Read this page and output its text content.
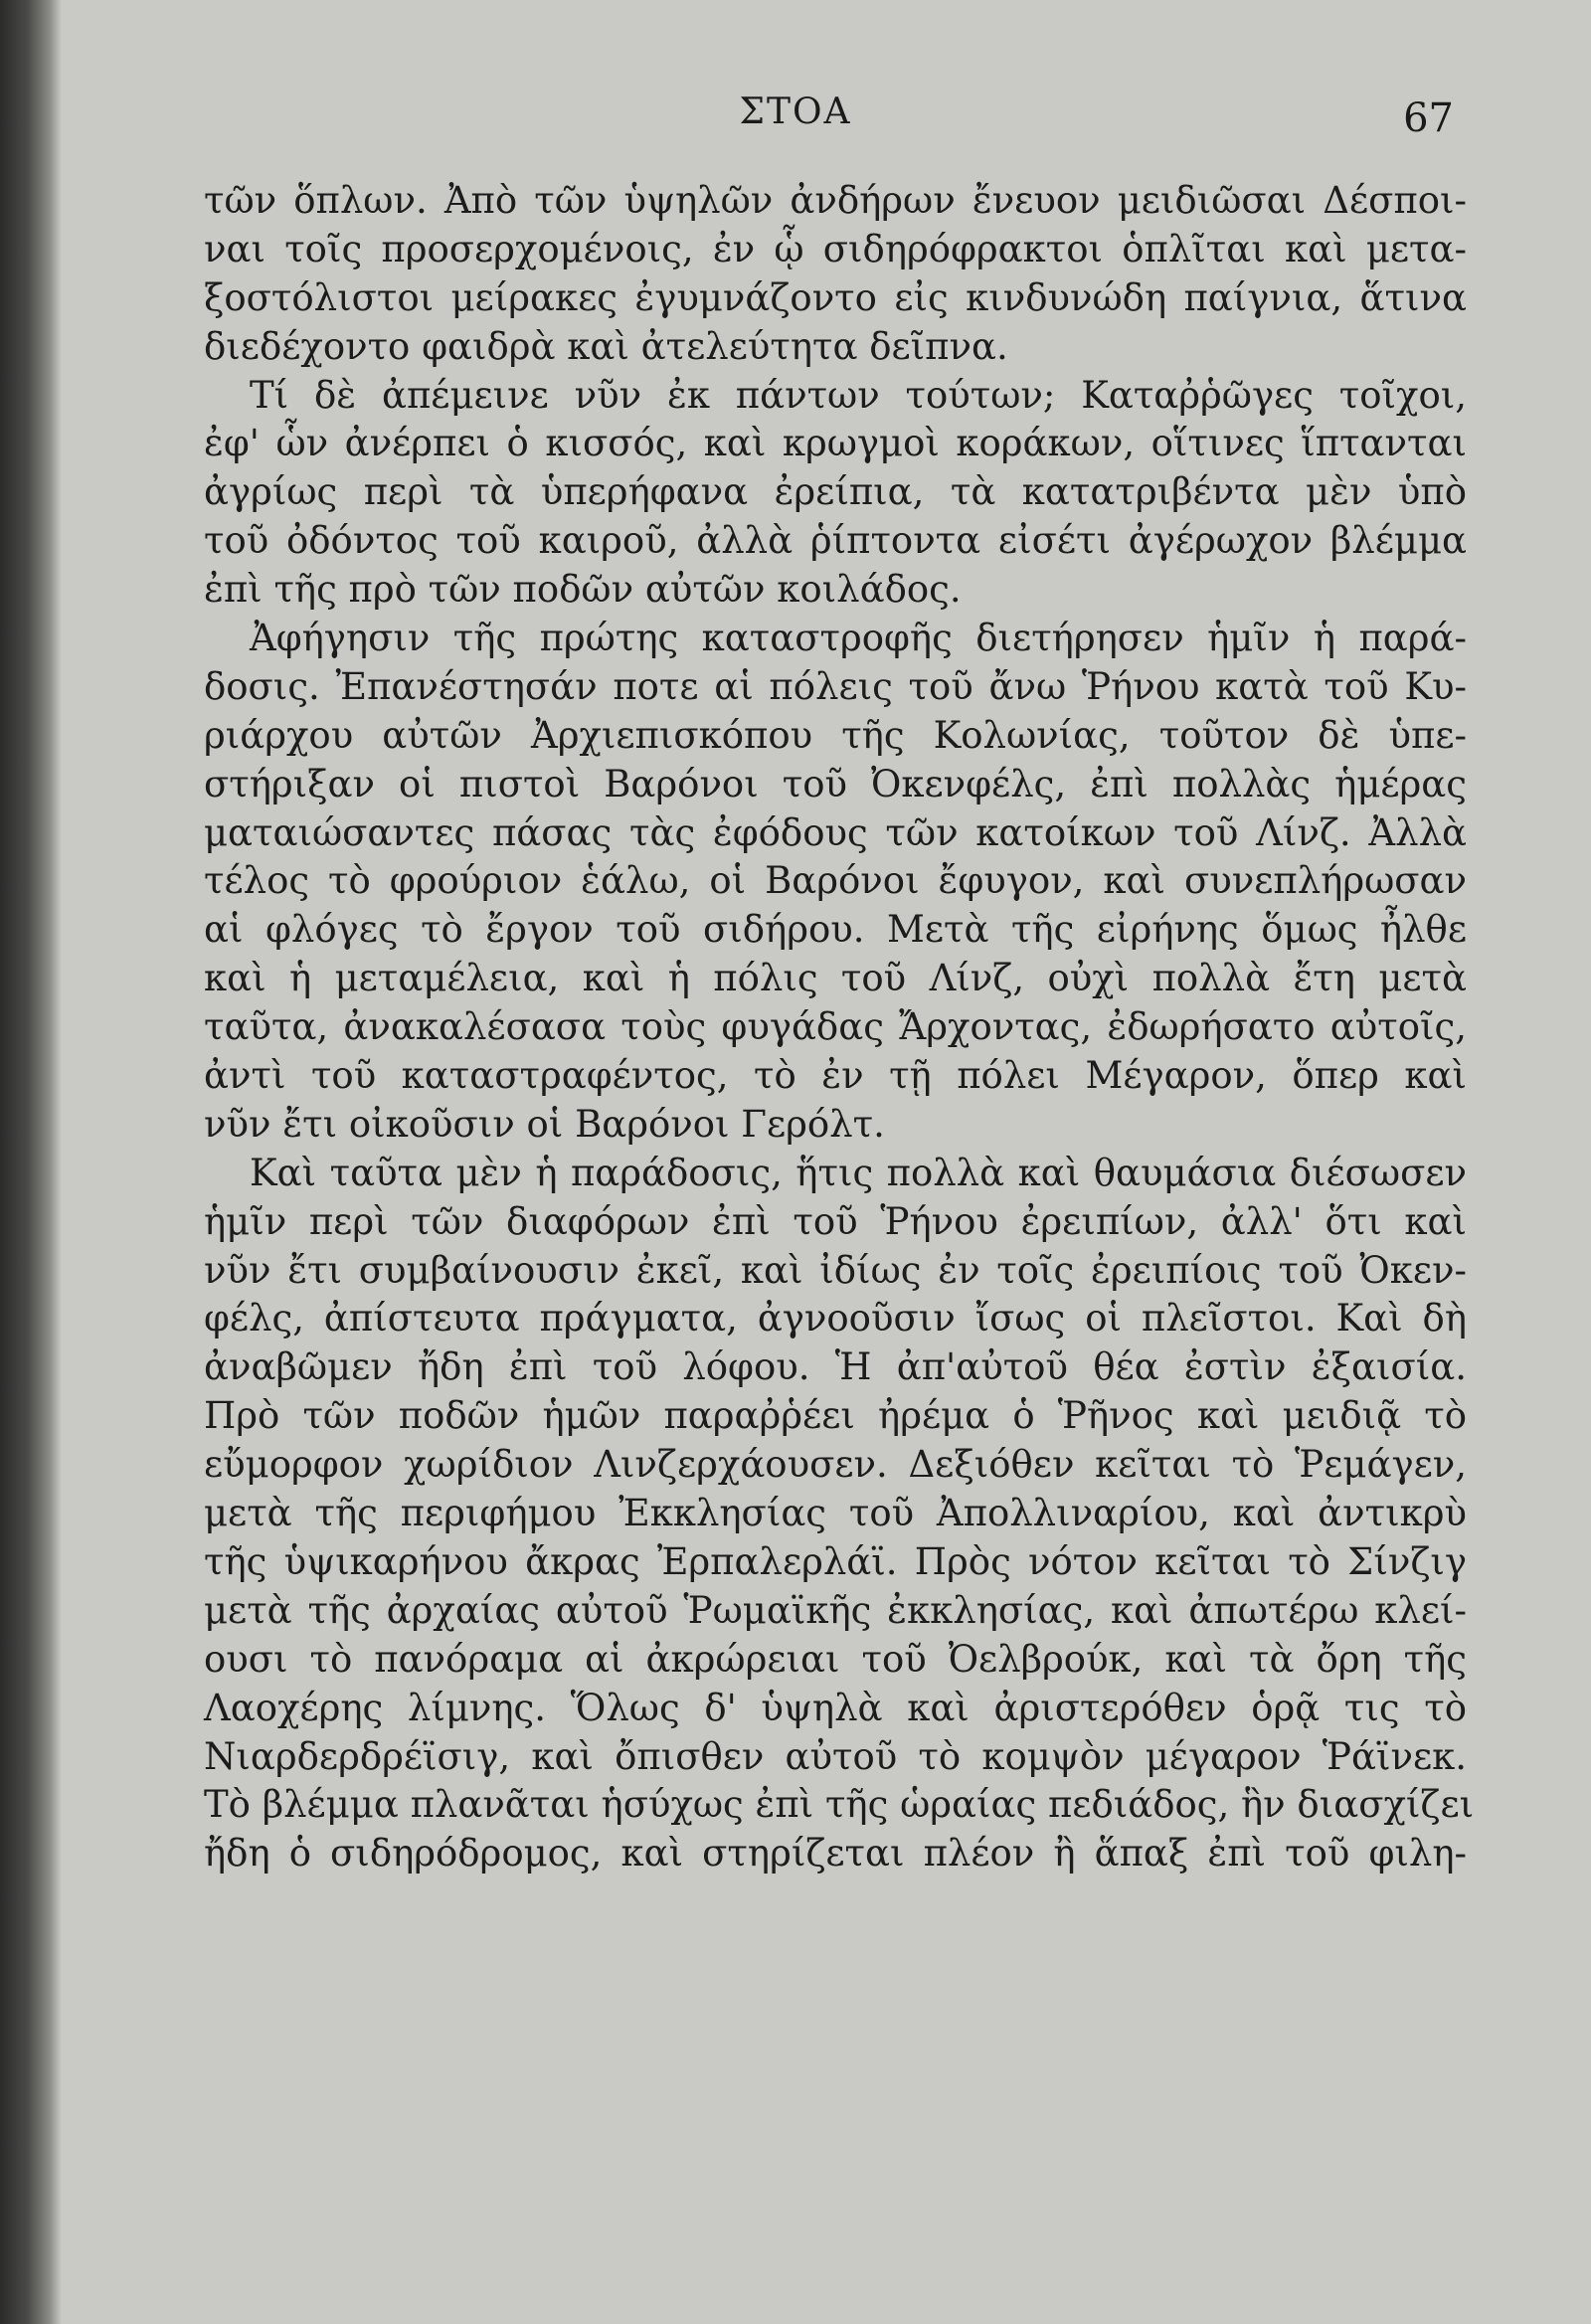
ΣΤΟΑ	67
τῶν ὅπλων. Ἀπὸ τῶν ὑψηλῶν ἀνδήρων ἔνευον μειδιῶσαι Δέσποι-
ναι τοῖς προσερχομένοις, ἐν ᾧ σιδηρόφρακτοι ὁπλῖται καὶ μετα-
ξοστόλιστοι μείρακες ἐγυμνάζοντο εἰς κινδυνώδη παίγνια, ἅτινα
διεδέχοντο φαιδρὰ καὶ ἀτελεύτητα δεῖπνα.
Τί δὲ ἀπέμεινε νῦν ἐκ πάντων τούτων; Καταῤῥῶγες τοῖχοι,
ἐφ' ὧν ἀνέρπει ὁ κισσός, καὶ κρωγμοὶ κοράκων, οἵτινες ἵπτανται
ἀγρίως περὶ τὰ ὑπερήφανα ἐρείπια, τὰ κατατριβέντα μὲν ὑπὸ
τοῦ ὀδόντος τοῦ καιροῦ, ἀλλὰ ῥίπτοντα εἰσέτι ἀγέρωχον βλέμμα
ἐπὶ τῆς πρὸ τῶν ποδῶν αὐτῶν κοιλάδος.
Ἀφήγησιν τῆς πρώτης καταστροφῆς διετήρησεν ἡμῖν ἡ παρά-
δοσις. Ἐπανέστησάν ποτε αἱ πόλεις τοῦ ἄνω Ῥήνου κατὰ τοῦ Κυ-
ριάρχου αὐτῶν Ἀρχιεπισκόπου τῆς Κολωνίας, τοῦτον δὲ ὑπε-
στήριξαν οἱ πιστοὶ Βαρόνοι τοῦ Ὀκενφέλς, ἐπὶ πολλὰς ἡμέρας
ματαιώσαντες πάσας τὰς ἐφόδους τῶν κατοίκων τοῦ Λίνζ. Ἀλλὰ
τέλος τὸ φρούριον ἑάλω, οἱ Βαρόνοι ἔφυγον, καὶ συνεπλήρωσαν
αἱ φλόγες τὸ ἔργον τοῦ σιδήρου. Μετὰ τῆς εἰρήνης ὅμως ἦλθε
καὶ ἡ μεταμέλεια, καὶ ἡ πόλις τοῦ Λίνζ, οὐχὶ πολλὰ ἔτη μετὰ
ταῦτα, ἀνακαλέσασα τοὺς φυγάδας Ἄρχοντας, ἐδωρήσατο αὐτοῖς,
ἀντὶ τοῦ καταστραφέντος, τὸ ἐν τῇ πόλει Μέγαρον, ὅπερ καὶ
νῦν ἔτι οἰκοῦσιν οἱ Βαρόνοι Γερόλτ.
Καὶ ταῦτα μὲν ἡ παράδοσις, ἥτις πολλὰ καὶ θαυμάσια διέσωσεν
ἡμῖν περὶ τῶν διαφόρων ἐπὶ τοῦ Ῥήνου ἐρειπίων, ἀλλ' ὅτι καὶ
νῦν ἔτι συμβαίνουσιν ἐκεῖ, καὶ ἰδίως ἐν τοῖς ἐρειπίοις τοῦ Ὀκεν-
φέλς, ἀπίστευτα πράγματα, ἀγνοοῦσιν ἴσως οἱ πλεῖστοι. Καὶ δὴ
ἀναβῶμεν ἤδη ἐπὶ τοῦ λόφου. Ἡ ἀπ'αὐτοῦ θέα ἐστὶν ἐξαισία.
Πρὸ τῶν ποδῶν ἡμῶν παραῤῥέει ἠρέμα ὁ Ῥῆνος καὶ μειδιᾷ τὸ
εὔμορφον χωρίδιον Λινζερχάουσεν. Δεξιόθεν κεῖται τὸ Ῥεμάγεν,
μετὰ τῆς περιφήμου Ἐκκλησίας τοῦ Ἀπολλιναρίου, καὶ ἀντικρὺ
τῆς ὑψικαρήνου ἄκρας Ἐρπαλερλάϊ. Πρὸς νότον κεῖται τὸ Σίνζιγ
μετὰ τῆς ἀρχαίας αὐτοῦ Ῥωμαϊκῆς ἐκκλησίας, καὶ ἀπωτέρω κλεί-
ουσι τὸ πανόραμα αἱ ἀκρώρειαι τοῦ Ὀελβρούκ, καὶ τὰ ὄρη τῆς
Λαοχέρης λίμνης. Ὅλως δ' ὑψηλὰ καὶ ἀριστερόθεν ὁρᾷ τις τὸ
Νιαρδερδρέϊσιγ, καὶ ὄπισθεν αὐτοῦ τὸ κομψὸν μέγαρον Ῥάϊνεκ.
Τὸ βλέμμα πλανᾶται ἡσύχως ἐπὶ τῆς ὡραίας πεδιάδος, ἣν διασχίζει
ἤδη ὁ σιδηρόδρομος, καὶ στηρίζεται πλέον ἢ ἅπαξ ἐπὶ τοῦ φιλη-
